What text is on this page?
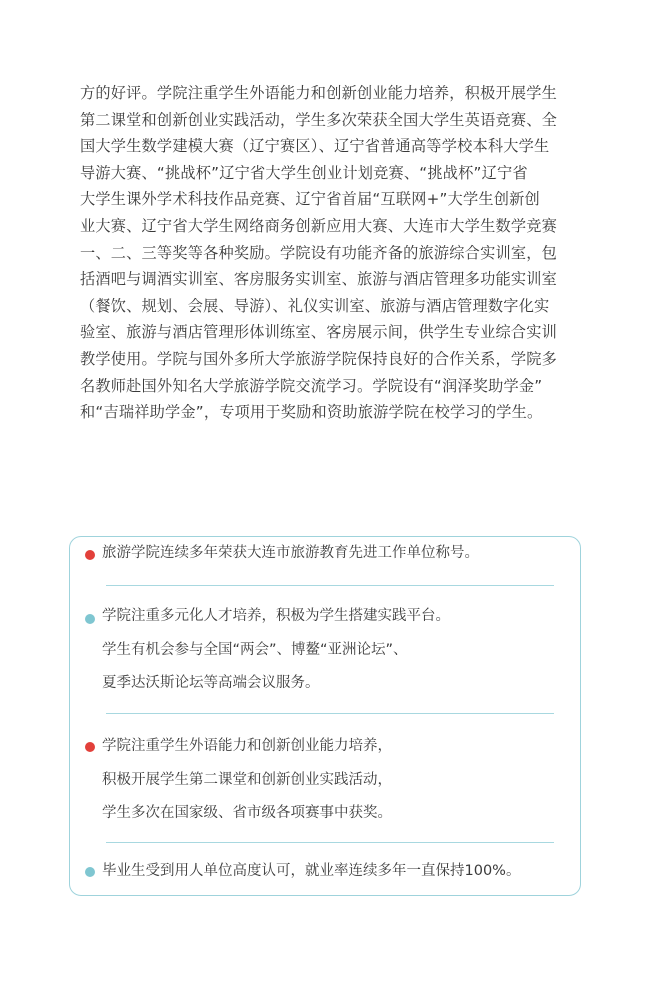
方的好评。学院注重学生外语能力和创新创业能力培养，积极开展学生
第二课堂和创新创业实践活动，学生多次荣获全国大学生英语竞赛、全
国大学生数学建模大赛（辽宁赛区）、辽宁省普通高等学校本科大学生
导游大赛、“挑战杯”辽宁省大学生创业计划竞赛、“挑战杯”辽宁省
大学生课外学术科技作品竞赛、辽宁省首届“互联网+”大学生创新创
业大赛、辽宁省大学生网络商务创新应用大赛、大连市大学生数学竞赛
一、二、三等奖等各种奖励。学院设有功能齐备的旅游综合实训室，包
括酒吧与调酒实训室、客房服务实训室、旅游与酒店管理多功能实训室
（餐饮、规划、会展、导游）、礼仪实训室、旅游与酒店管理数字化实
验室、旅游与酒店管理形体训练室、客房展示间，供学生专业综合实训
教学使用。学院与国外多所大学旅游学院保持良好的合作关系，学院多
名教师赴国外知名大学旅游学院交流学习。学院设有“润泽奖助学金”
和“吉瑞祥助学金”，专项用于奖励和资助旅游学院在校学习的学生。
旅游学院连续多年荣获大连市旅游教育先进工作单位称号。
学院注重多元化人才培养，积极为学生搭建实践平台。
学生有机会参与全国“两会”、博鳌“亚洲论坛”、
夏季达沃斯论坛等高端会议服务。
学院注重学生外语能力和创新创业能力培养，
积极开展学生第二课堂和创新创业实践活动，
学生多次在国家级、省市级各项赛事中获奖。
毕业生受到用人单位高度认可，就业率连续多年一直保持100%。
